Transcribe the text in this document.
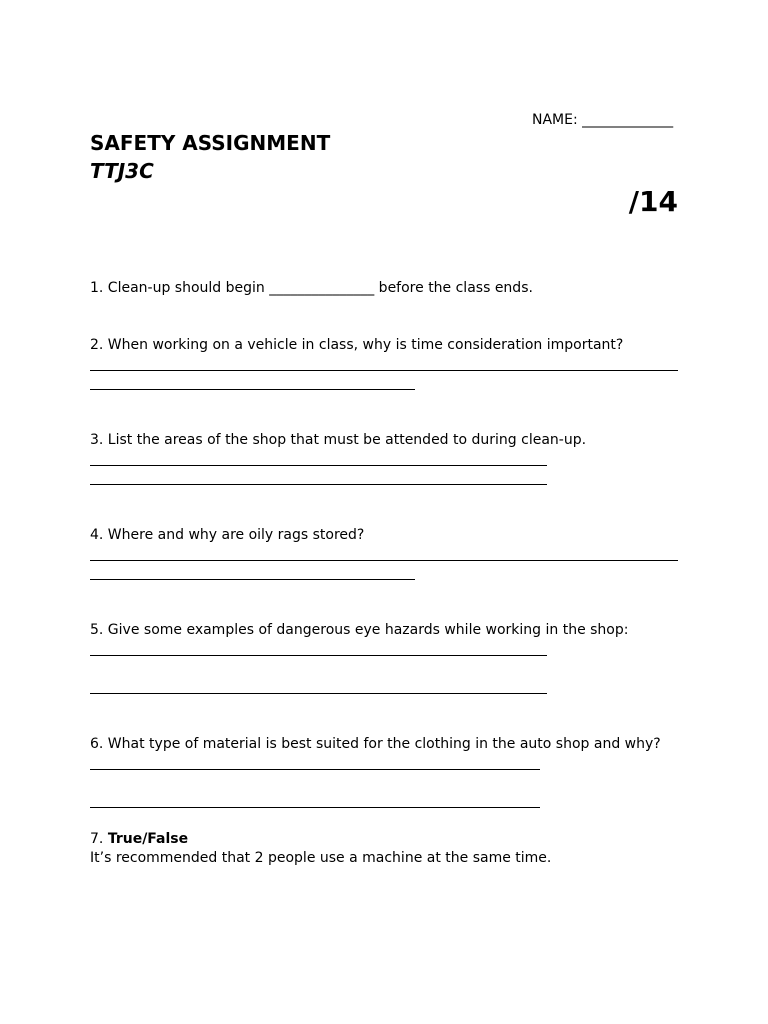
NAME: _____________
SAFETY ASSIGNMENT
TTJ3C
/14
1. Clean-up should begin _______________ before the class ends.
2. When working on a vehicle in class, why is time consideration important?
3. List the areas of the shop that must be attended to during clean-up.
4. Where and why are oily rags stored?
5. Give some examples of dangerous eye hazards while working in the shop:
6. What type of material is best suited for the clothing in the auto shop and why?
7. True/False
It’s recommended that 2 people use a machine at the same time.
